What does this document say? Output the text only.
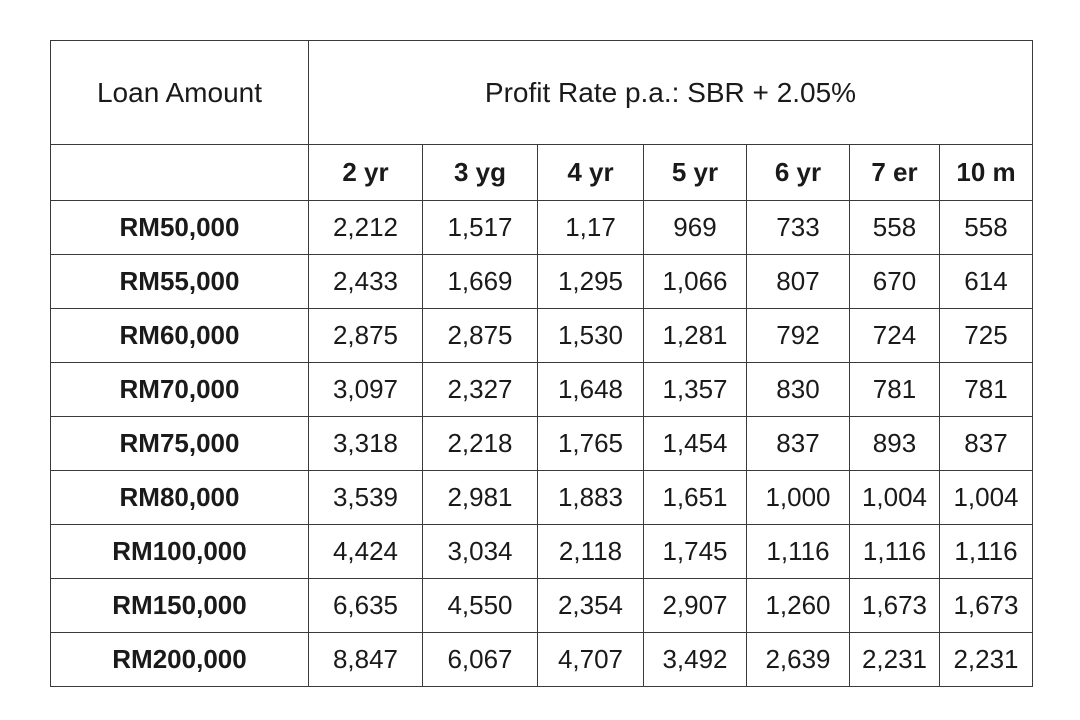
Loan Amount	Profit Rate p.a.: SBR + 2.05%						
	2 yr	3 yg	4 yr	5 yr	6 yr	7 er	10 m
RM50,000	2,212	1,517	1,17	969	733	558	558
RM55,000	2,433	1,669	1,295	1,066	807	670	614
RM60,000	2,875	2,875	1,530	1,281	792	724	725
RM70,000	3,097	2,327	1,648	1,357	830	781	781
RM75,000	3,318	2,218	1,765	1,454	837	893	837
RM80,000	3,539	2,981	1,883	1,651	1,000	1,004	1,004
RM100,000	4,424	3,034	2,118	1,745	1,116	1,116	1,116
RM150,000	6,635	4,550	2,354	2,907	1,260	1,673	1,673
RM200,000	8,847	6,067	4,707	3,492	2,639	2,231	2,231
